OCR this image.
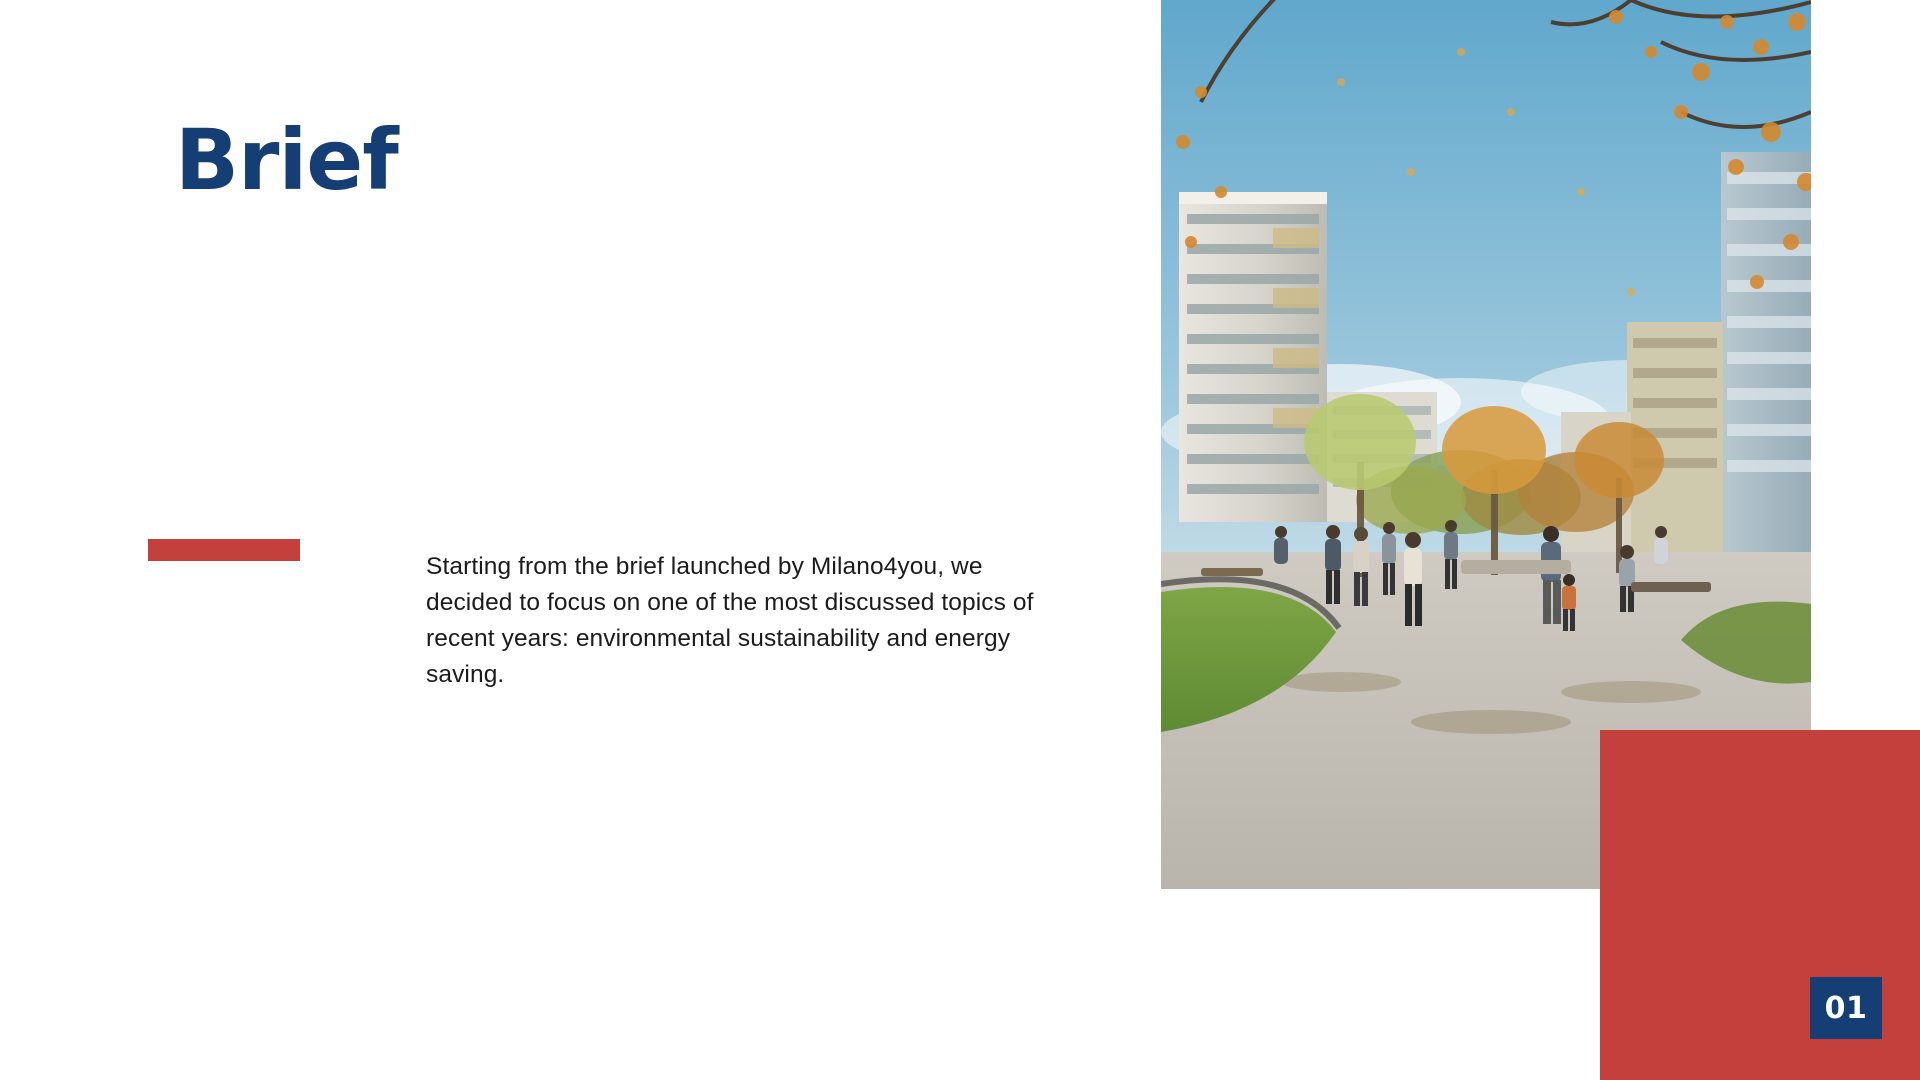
Brief

Starting from the brief launched by Milano4you, we decided to focus on one of the most discussed topics of recent years: environmental sustainability and energy saving.

01
